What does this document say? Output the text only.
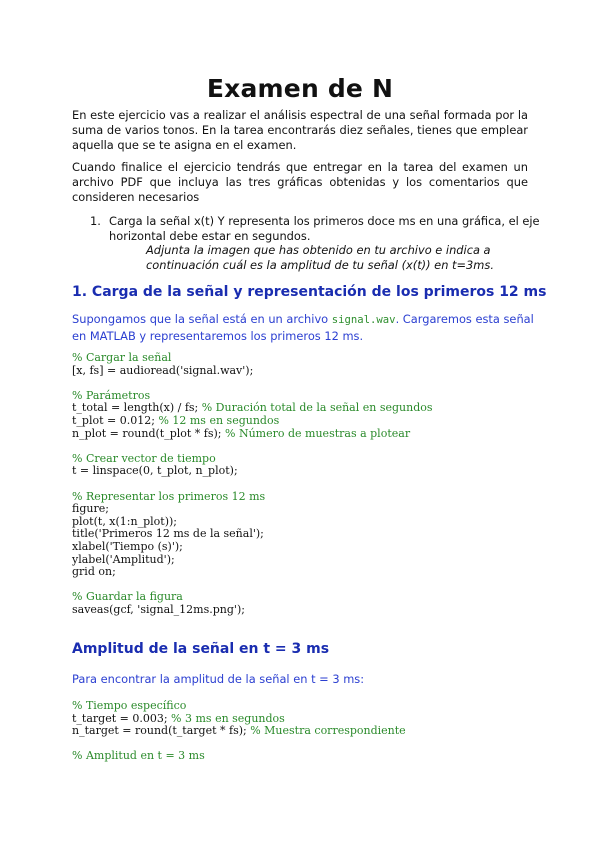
Examen de N
En este ejercicio vas a realizar el análisis espectral de una señal formada por la
suma de varios tonos. En la tarea encontrarás diez señales, tienes que emplear
aquella que se te asigna en el examen.
Cuando finalice el ejercicio tendrás que entregar en la tarea del examen un
archivo PDF que incluya las tres gráficas obtenidas y los comentarios que
consideren necesarios
1. Carga la señal x(t) Y representa los primeros doce ms en una gráfica, el eje
horizontal debe estar en segundos.
Adjunta la imagen que has obtenido en tu archivo e indica a
continuación cuál es la amplitud de tu señal (x(t)) en t=3ms.
1. Carga de la señal y representación de los primeros 12 ms
Supongamos que la señal está en un archivo signal.wav. Cargaremos esta señal
en MATLAB y representaremos los primeros 12 ms.
% Cargar la señal
[x, fs] = audioread('signal.wav');

% Parámetros
t_total = length(x) / fs; % Duración total de la señal en segundos
t_plot = 0.012; % 12 ms en segundos
n_plot = round(t_plot * fs); % Número de muestras a plotear

% Crear vector de tiempo
t = linspace(0, t_plot, n_plot);

% Representar los primeros 12 ms
figure;
plot(t, x(1:n_plot));
title('Primeros 12 ms de la señal');
xlabel('Tiempo (s)');
ylabel('Amplitud');
grid on;

% Guardar la figura
saveas(gcf, 'signal_12ms.png');
Amplitud de la señal en t = 3 ms
Para encontrar la amplitud de la señal en t = 3 ms:
% Tiempo específico
t_target = 0.003; % 3 ms en segundos
n_target = round(t_target * fs); % Muestra correspondiente

% Amplitud en t = 3 ms
